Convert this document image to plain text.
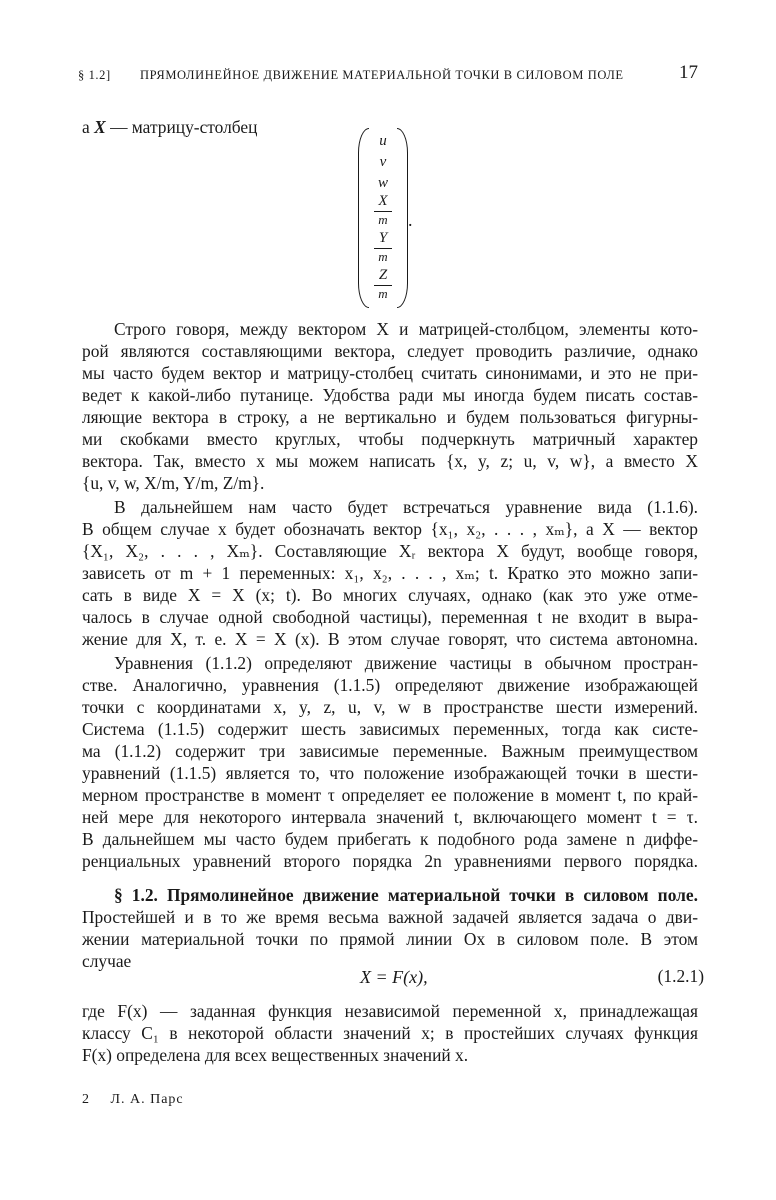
§ 1.2] ПРЯМОЛИНЕЙНОЕ ДВИЖЕНИЕ МАТЕРИАЛЬНОЙ ТОЧКИ В СИЛОВОМ ПОЛЕ	17
а X — матрицу-столбец
u
v
w
X
m
Y
m
Z
m
.
Строго говоря, между вектором X и матрицей-столбцом, элементы кото-
рой являются составляющими вектора, следует проводить различие, однако
мы часто будем вектор и матрицу-столбец считать синонимами, и это не при-
ведет к какой-либо путанице. Удобства ради мы иногда будем писать состав-
ляющие вектора в строку, а не вертикально и будем пользоваться фигурны-
ми скобками вместо круглых, чтобы подчеркнуть матричный характер
вектора. Так, вместо x мы можем написать {x, y, z; u, v, w}, а вместо X
{u, v, w, X/m, Y/m, Z/m}.
В дальнейшем нам часто будет встречаться уравнение вида (1.1.6).
В общем случае x будет обозначать вектор {x₁, x₂, . . . , xₘ}, а X — вектор
{X₁, X₂, . . . , Xₘ}. Составляющие Xᵣ вектора X будут, вообще говоря,
зависеть от m + 1 переменных: x₁, x₂, . . . , xₘ; t. Кратко это можно запи-
сать в виде X = X (x; t). Во многих случаях, однако (как это уже отме-
чалось в случае одной свободной частицы), переменная t не входит в выра-
жение для X, т. е. X = X (x). В этом случае говорят, что система автономна.
Уравнения (1.1.2) определяют движение частицы в обычном простран-
стве. Аналогично, уравнения (1.1.5) определяют движение изображающей
точки с координатами x, y, z, u, v, w в пространстве шести измерений.
Система (1.1.5) содержит шесть зависимых переменных, тогда как систе-
ма (1.1.2) содержит три зависимые переменные. Важным преимуществом
уравнений (1.1.5) является то, что положение изображающей точки в шести-
мерном пространстве в момент τ определяет ее положение в момент t, по край-
ней мере для некоторого интервала значений t, включающего момент t = τ.
В дальнейшем мы часто будем прибегать к подобного рода замене n диффе-
ренциальных уравнений второго порядка 2n уравнениями первого порядка.
§ 1.2. Прямолинейное движение материальной точки в силовом поле.
Простейшей и в то же время весьма важной задачей является задача о дви-
жении материальной точки по прямой линии Ox в силовом поле. В этом
случае
X = F(x),	(1.2.1)
где F(x) — заданная функция независимой переменной x, принадлежащая
классу C₁ в некоторой области значений x; в простейших случаях функция
F(x) определена для всех вещественных значений x.
2 Л. А. Парс
